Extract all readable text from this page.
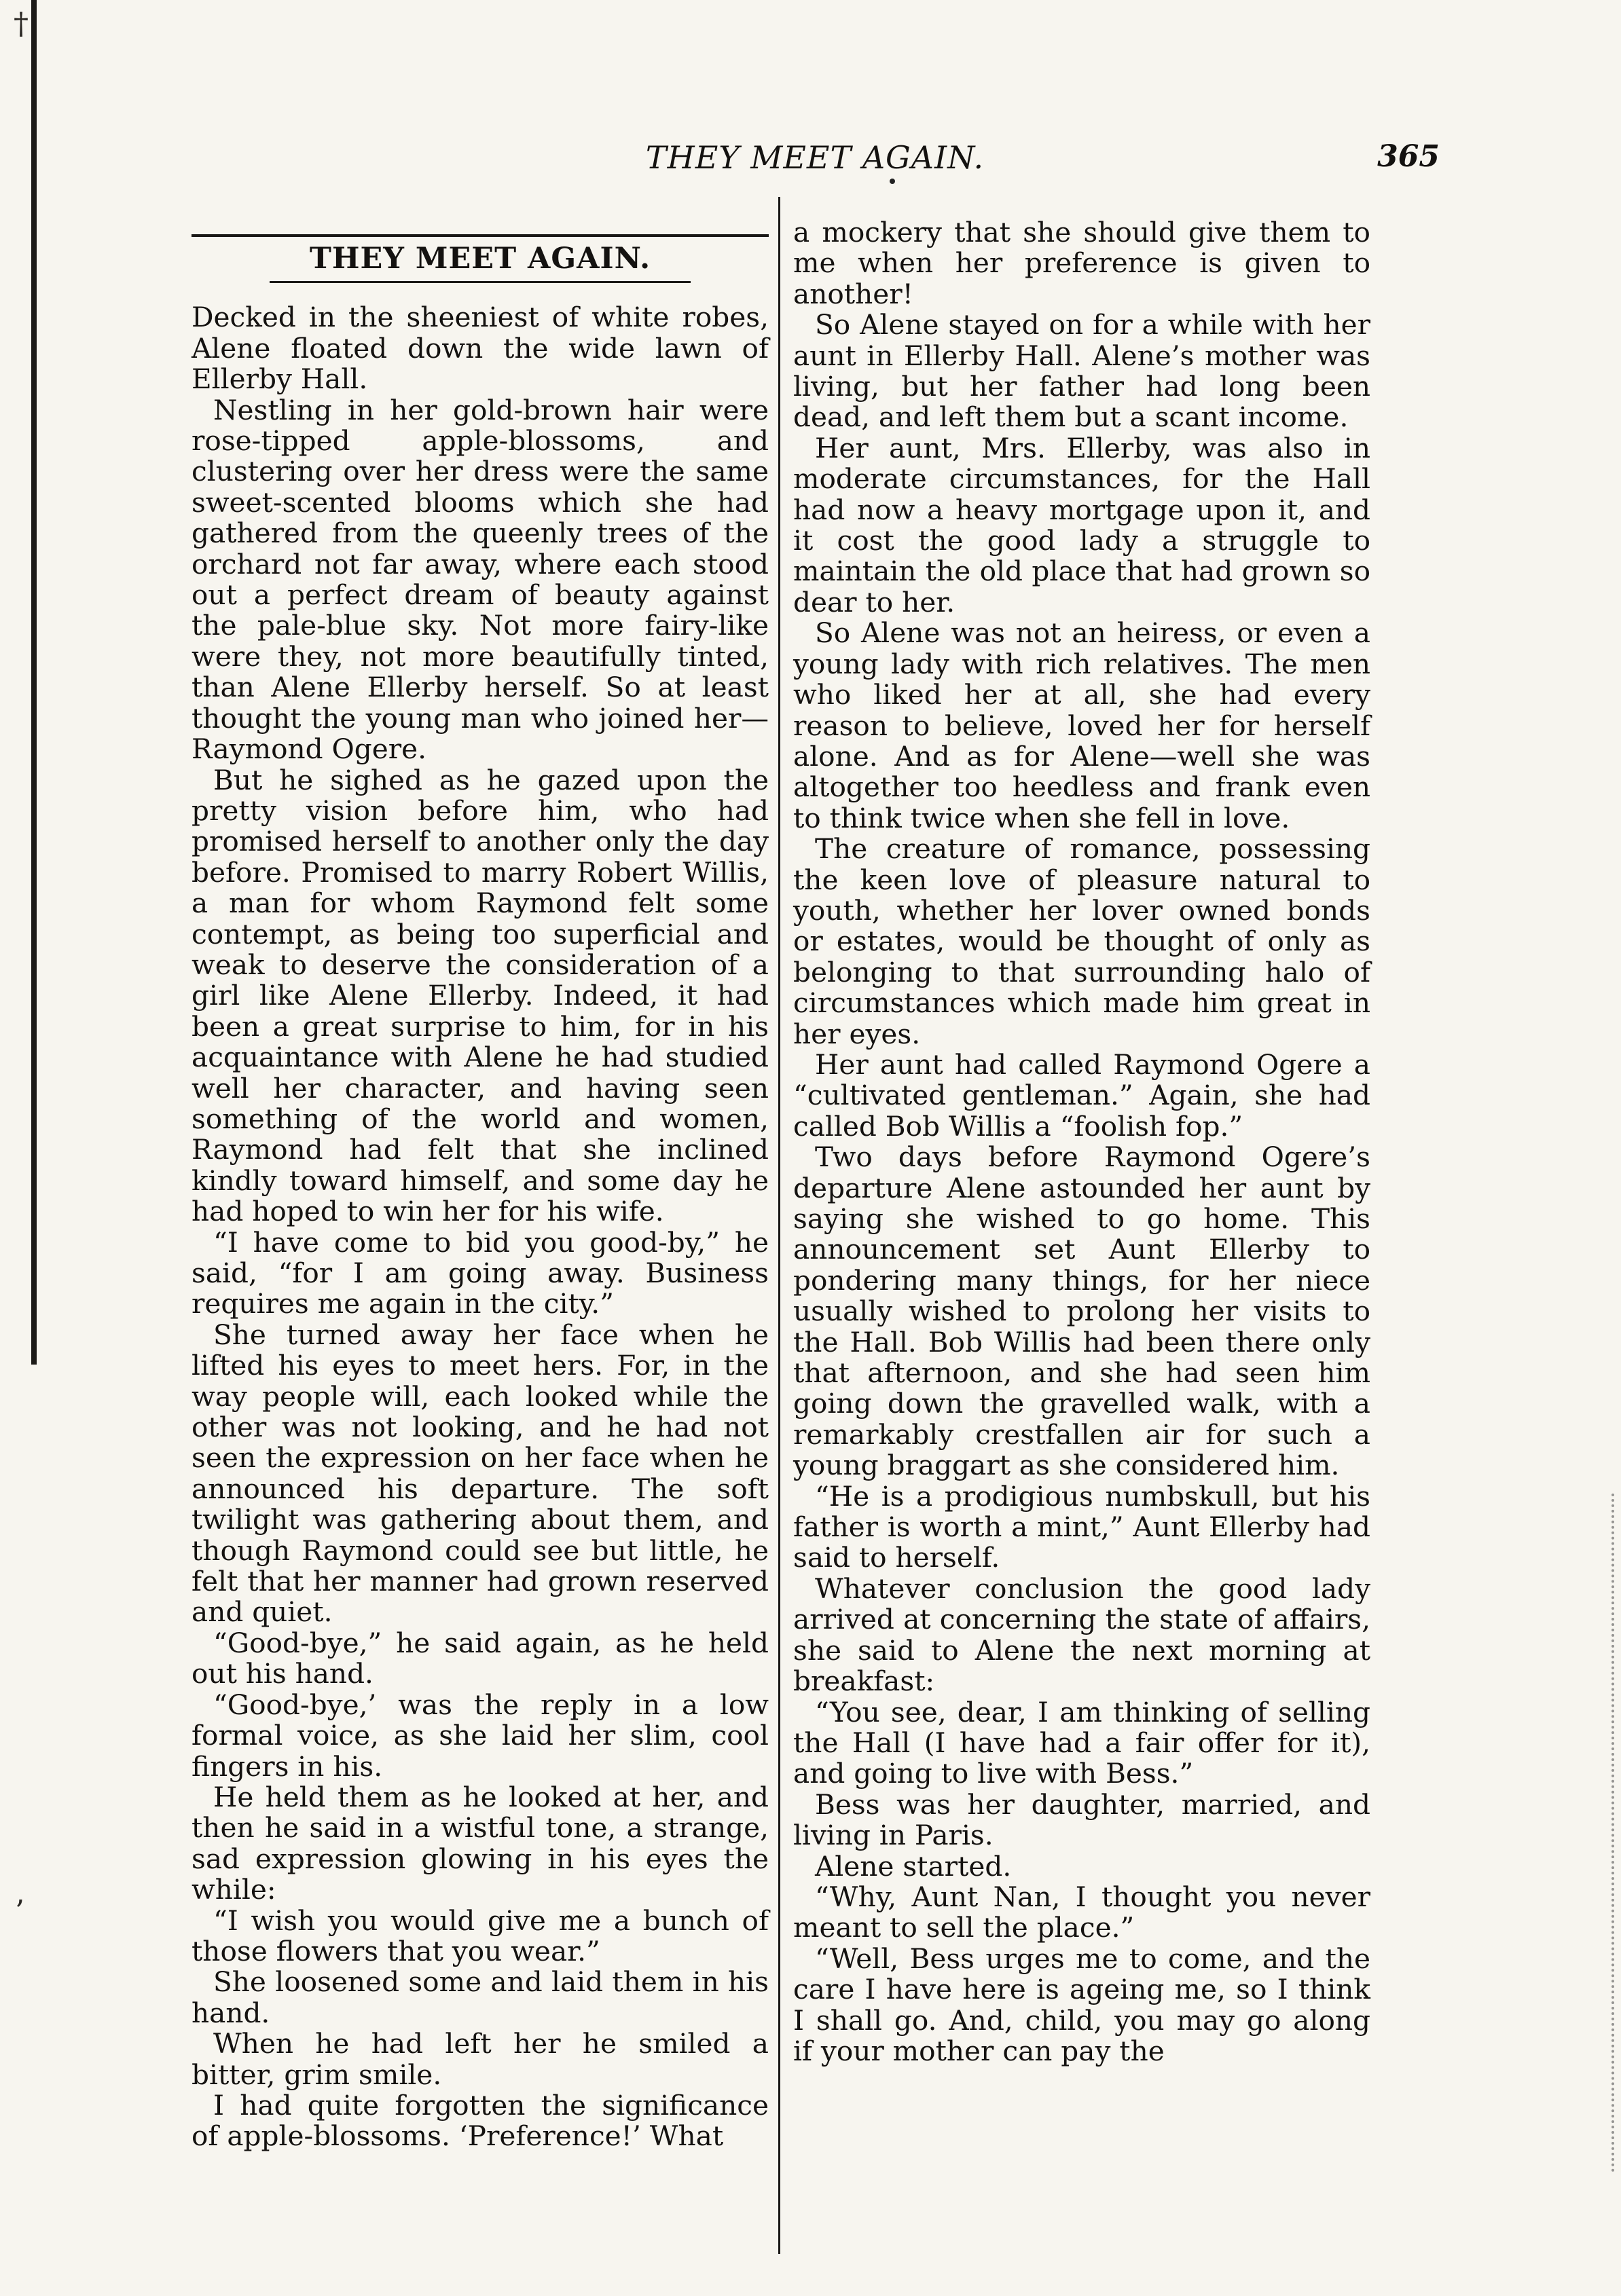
†
’
THEY MEET AGAIN.	365
THEY MEET AGAIN.

Decked in the sheeniest of white robes, Alene floated down the wide lawn of Ellerby Hall.

Nestling in her gold-brown hair were rose-tipped apple-blossoms, and clustering over her dress were the same sweet-scented blooms which she had gathered from the queenly trees of the orchard not far away, where each stood out a perfect dream of beauty against the pale-blue sky. Not more fairy-like were they, not more beautifully tinted, than Alene Ellerby herself. So at least thought the young man who joined her—Raymond Ogere.

But he sighed as he gazed upon the pretty vision before him, who had promised herself to another only the day before. Promised to marry Robert Willis, a man for whom Raymond felt some contempt, as being too superficial and weak to deserve the consideration of a girl like Alene Ellerby. Indeed, it had been a great surprise to him, for in his acquaintance with Alene he had studied well her character, and having seen something of the world and women, Raymond had felt that she inclined kindly toward himself, and some day he had hoped to win her for his wife.

“I have come to bid you good-by,” he said, “for I am going away. Business requires me again in the city.”

She turned away her face when he lifted his eyes to meet hers. For, in the way people will, each looked while the other was not looking, and he had not seen the expression on her face when he announced his departure. The soft twilight was gathering about them, and though Raymond could see but little, he felt that her manner had grown reserved and quiet.

“Good-bye,” he said again, as he held out his hand.

“Good-bye,’ was the reply in a low formal voice, as she laid her slim, cool fingers in his.

He held them as he looked at her, and then he said in a wistful tone, a strange, sad expression glowing in his eyes the while:

“I wish you would give me a bunch of those flowers that you wear.”

She loosened some and laid them in his hand.

When he had left her he smiled a bitter, grim smile.

I had quite forgotten the significance of apple-blossoms. ‘Preference!’ What

a mockery that she should give them to me when her preference is given to another!

So Alene stayed on for a while with her aunt in Ellerby Hall. Alene’s mother was living, but her father had long been dead, and left them but a scant income.

Her aunt, Mrs. Ellerby, was also in moderate circumstances, for the Hall had now a heavy mortgage upon it, and it cost the good lady a struggle to maintain the old place that had grown so dear to her.

So Alene was not an heiress, or even a young lady with rich relatives. The men who liked her at all, she had every reason to believe, loved her for herself alone. And as for Alene—well she was altogether too heedless and frank even to think twice when she fell in love.

The creature of romance, possessing the keen love of pleasure natural to youth, whether her lover owned bonds or estates, would be thought of only as belonging to that surrounding halo of circumstances which made him great in her eyes.

Her aunt had called Raymond Ogere a “cultivated gentleman.” Again, she had called Bob Willis a “foolish fop.”

Two days before Raymond Ogere’s departure Alene astounded her aunt by saying she wished to go home. This announcement set Aunt Ellerby to pondering many things, for her niece usually wished to prolong her visits to the Hall. Bob Willis had been there only that afternoon, and she had seen him going down the gravelled walk, with a remarkably crestfallen air for such a young braggart as she considered him.

“He is a prodigious numbskull, but his father is worth a mint,” Aunt Ellerby had said to herself.

Whatever conclusion the good lady arrived at concerning the state of affairs, she said to Alene the next morning at breakfast:

“You see, dear, I am thinking of selling the Hall (I have had a fair offer for it), and going to live with Bess.”

Bess was her daughter, married, and living in Paris.

Alene started.

“Why, Aunt Nan, I thought you never meant to sell the place.”

“Well, Bess urges me to come, and the care I have here is ageing me, so I think I shall go. And, child, you may go along if your mother can pay the
